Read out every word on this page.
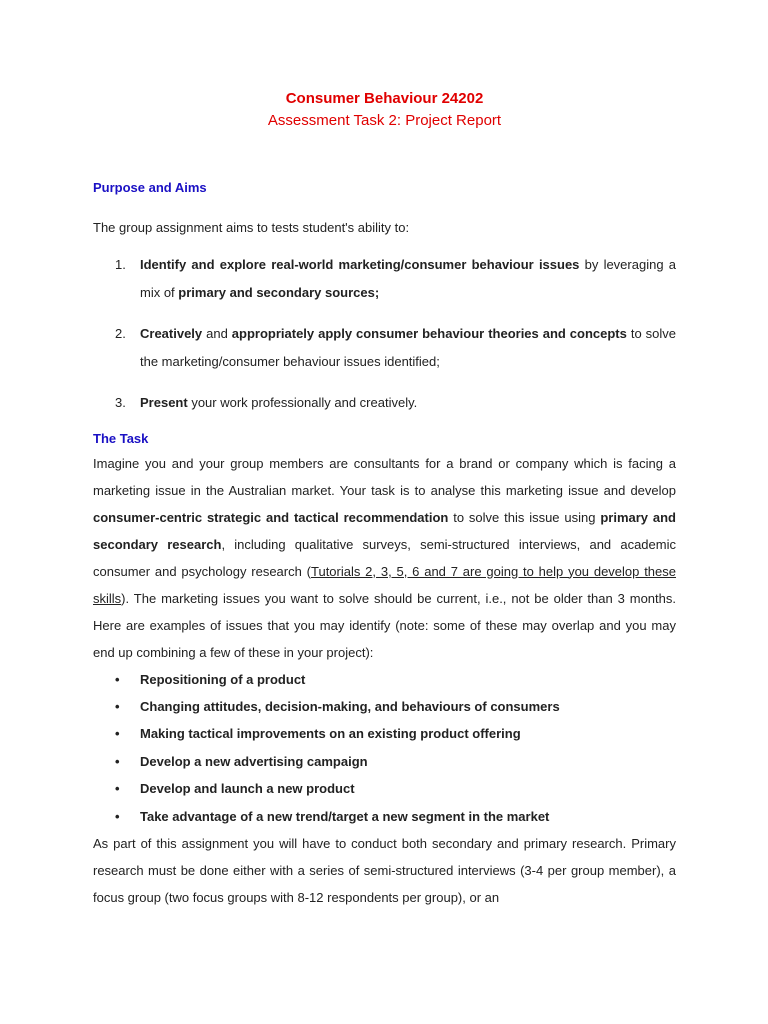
Consumer Behaviour 24202
Assessment Task 2: Project Report
Purpose and Aims

The group assignment aims to tests student's ability to:

1. Identify and explore real-world marketing/consumer behaviour issues by leveraging a mix of primary and secondary sources;
2. Creatively and appropriately apply consumer behaviour theories and concepts to solve the marketing/consumer behaviour issues identified;
3. Present your work professionally and creatively.
The Task

Imagine you and your group members are consultants for a brand or company which is facing a marketing issue in the Australian market. Your task is to analyse this marketing issue and develop consumer-centric strategic and tactical recommendation to solve this issue using primary and secondary research, including qualitative surveys, semi-structured interviews, and academic consumer and psychology research (Tutorials 2, 3, 5, 6 and 7 are going to help you develop these skills). The marketing issues you want to solve should be current, i.e., not be older than 3 months. Here are examples of issues that you may identify (note: some of these may overlap and you may end up combining a few of these in your project):

• Repositioning of a product
• Changing attitudes, decision-making, and behaviours of consumers
• Making tactical improvements on an existing product offering
• Develop a new advertising campaign
• Develop and launch a new product
• Take advantage of a new trend/target a new segment in the market

As part of this assignment you will have to conduct both secondary and primary research. Primary research must be done either with a series of semi-structured interviews (3-4 per group member), a focus group (two focus groups with 8-12 respondents per group), or an
